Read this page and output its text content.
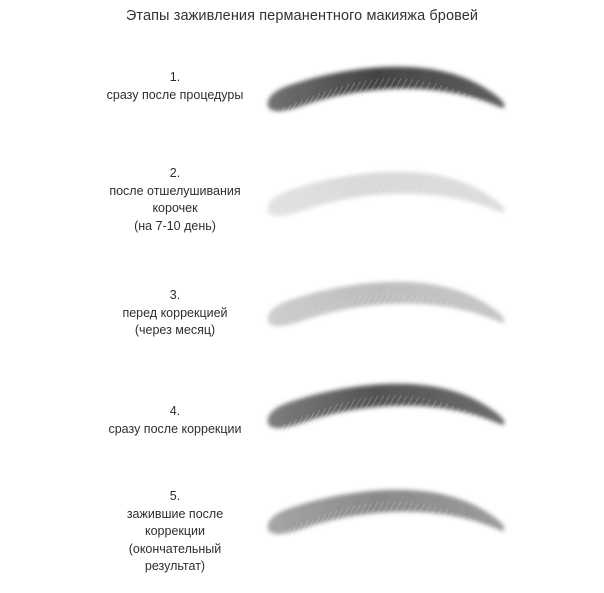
Этапы заживления перманентного макияжа бровей
1.
сразу после процедуры
2.
после отшелушивания
корочек
(на 7-10 день)
3.
перед коррекцией
(через месяц)
4.
сразу после коррекции
5.
зажившие после
коррекции
(окончательный
результат)
